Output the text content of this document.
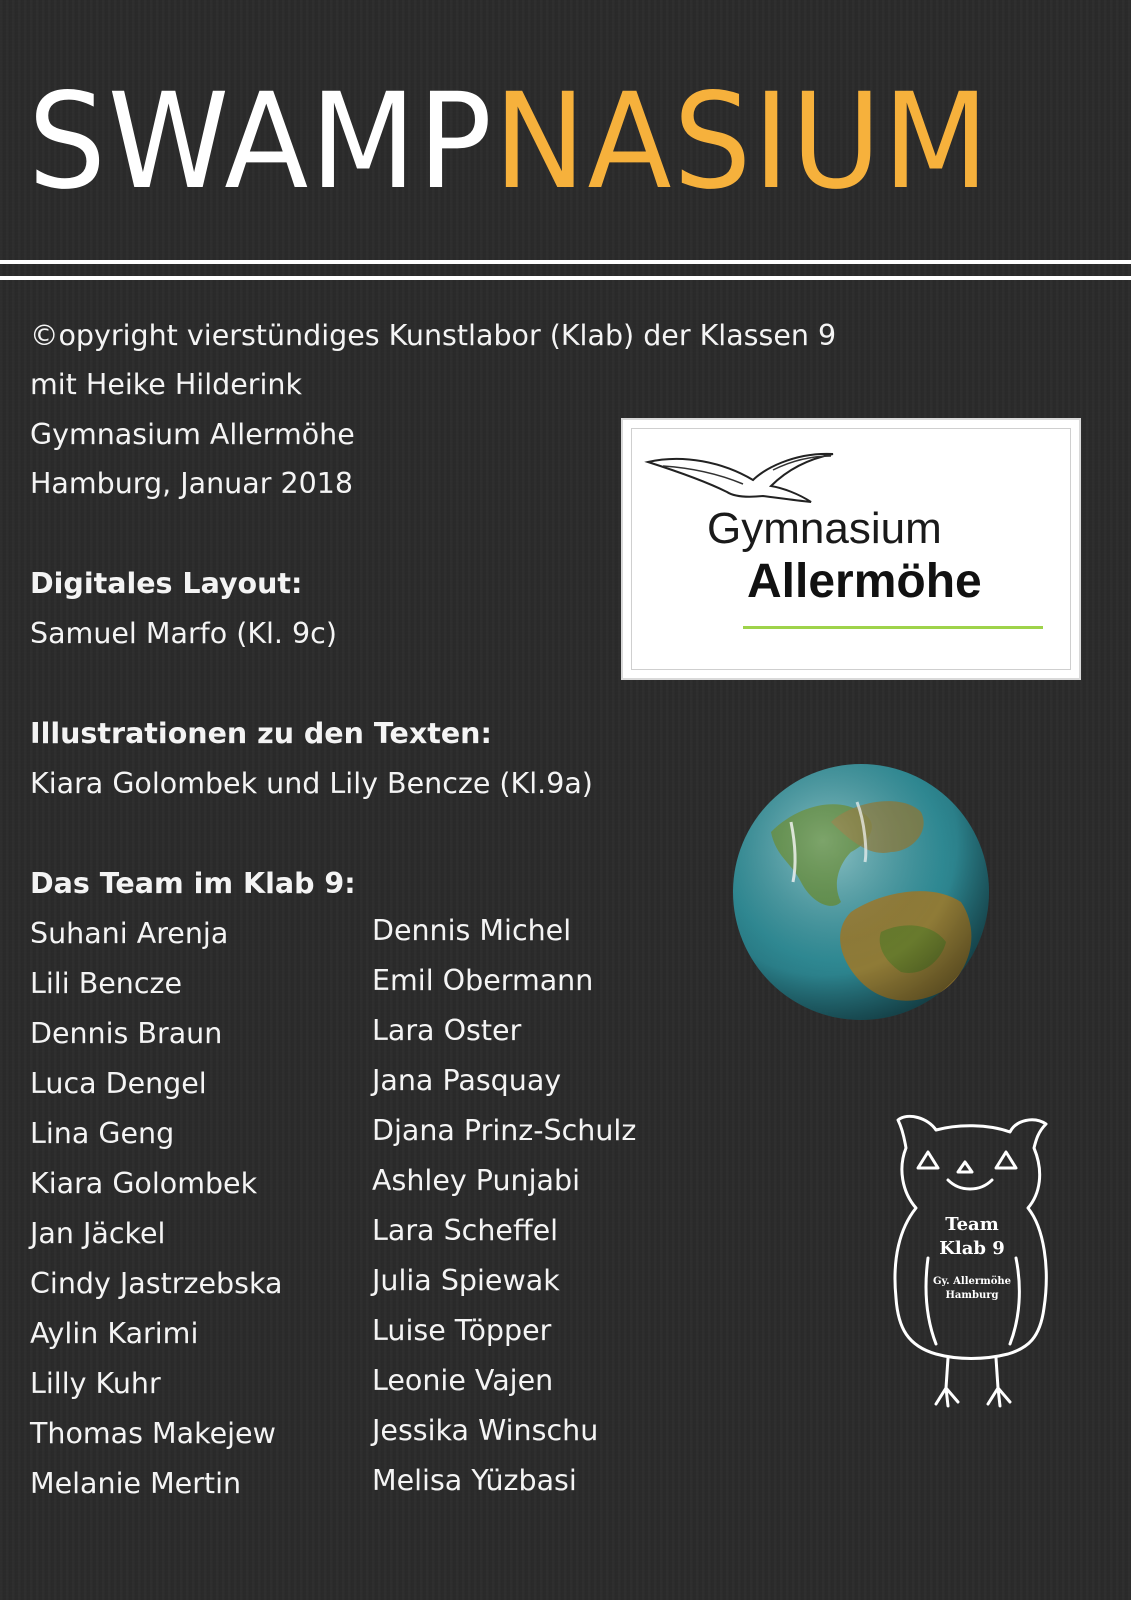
SWAMPNASIUM
©opyright vierstündiges Kunstlabor (Klab) der Klassen 9
mit Heike Hilderink
Gymnasium Allermöhe
Hamburg, Januar 2018
Digitales Layout:
Samuel Marfo (Kl. 9c)
Illustrationen zu den Texten:
Kiara Golombek und Lily Bencze (Kl.9a)
Das Team im Klab 9:
Suhani Arenja
Lili Bencze
Dennis Braun
Luca Dengel
Lina Geng
Kiara Golombek
Jan Jäckel
Cindy Jastrzebska
Aylin Karimi
Lilly Kuhr
Thomas Makejew
Melanie Mertin
Dennis Michel
Emil Obermann
Lara Oster
Jana Pasquay
Djana Prinz-Schulz
Ashley Punjabi
Lara Scheffel
Julia Spiewak
Luise Töpper
Leonie Vajen
Jessika Winschu
Melisa Yüzbasi
Gymnasium
Allermöhe
Team
Klab 9
Gy. Allermöhe
Hamburg
